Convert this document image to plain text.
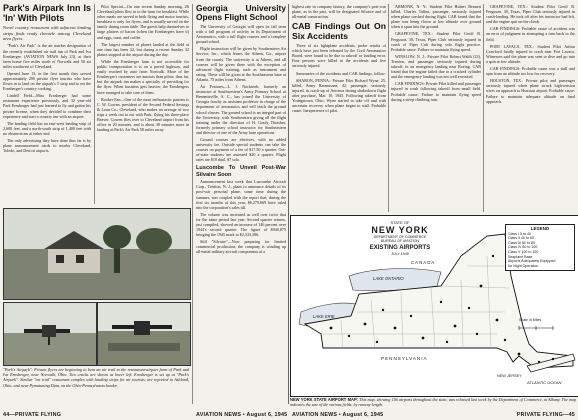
Park's Airpark Inn Is 'In' With Pilots
Novel country restaurant with adjacent landing strips finds ready clientele among Cleveland area flyers.

"Park's Air Park" is the air market designation of the recently established air trail inn of Park and Iva Ernsberger. (AVIATION NEWS July 23), at their farm home five miles north of Norwalk and 50 air miles southwest of Cleveland.

Opened June 13, in the first month they served approximately 200 private flyer tourists who have flown in to land on the airpark's T strip and to eat the Ernsberger's country cooking.

Lindell Field—Miss Ernsberger had some restaurant experience previously, and 32 year-old Park Ernsberger had just learned to fly and gotten his private license, when they decided to combine their experience and start a country inn with an airport.

The landing field has an east-west landing strip of 2,600 feet, and a north-south strip of 1,400 feet with no obstructions at either end.

The only advertising they have done thus far is by plane announcement cards to nearby Cleveland, Toledo, and Detroit airports.

Pilot Special—On one recent Sunday morning, 26 Cleveland pilots flew in to the farm for breakfast. While other meals are served to both flying and motor tourists, breakfast is only for flyers, and is usually served on the family dining room table. The guests help themselves to large platters of bacon (when the Ernsbergers have it) and eggs, toast, and coffee.

The largest number of planes landed at the field at one time has been 32, but during a recent Sunday 32 planes stopped at the airport during the day.

While the Ernsberger farm is not accessible for public transportation it is on a paved highway, and easily reached by auto from Norwalk. More of the Ernsberger's customers are autoists than pilots, thus far, but the airpark inn makes a specialty of providing for the flyer. When business gets heavier, the Ernsbergers have arranged to take care of them.

Booker Fan—One of the most enthusiastic patrons is C. W. Gowen, president of the Second Federal Savings & Loan Co., Cleveland, who makes an average of two trips a week out to eat with Park, flying his three-place Beaver. Gowen flies over to Cleveland airport from his office in 20 minutes, and is about 30 minutes more in landing at Park's Air Park 50 miles away.

"Park's Airpark": Private flyers are beginning to beat an air trail to the restaurant-airport farm of Park and Iva Ernsberger, near Norwalk, Ohio. Two cracks are shown at lower left. Ernsberger is set up at "Park's Airpark". Similar "air trail" restaurant complex with landing strips for air tourists, are reported in Ashland, Ohio, and near Pymatuning Dam, on the Ohio-Pennsylvania border.
Georgia University Opens Flight School

The University of Georgia will open its fall term with a full program of activity in its Department of Aeronautics, with a full flight courses and a complete ground school.

Flight instruction will be given by Southeastern Air Service, Inc., which leases the Athens, Ga., airport from the county. The university is at Athens, and all courses will be given there with the exception of advanced flight training, such as instrument and rating. These will be given at the Southeastern base at Atlanta, 75 miles from Athens.

Air Features—L. J. Nachtrieb, formerly an instructor at Southwestern's Army Primary School at Bennettsville, S. C., has joined the University of Georgia faculty as assistant professor in charge of the department of aeronautics and will teach the ground school classes. The ground school is an integral part of the University, with Southeastern giving all the flight training under the direction of H. Grady Thrasher, formerly primary school instructor for Southeastern and director of one of the Army base operations.

Ground courses are electives, with no added university fee. Outside special students can take the courses on payment of a fee of $17.50 a quarter. Out-of-state students are assessed $20 a quarter. Flight rates are $10 dual, $7 solo.

Luscombe To Unveil Post-War Silvaire Soon

Announcement last week that Luscombe Aircraft Corp., Trenton, N. J., plans to announce details of its post-war personal plane, some time during the summer, was coupled with the report that, during the first six months of this year, $6,279,669 have ruled into the corporation's sales till.

The volume was increased as well over twice that for the same period last year. Second quarter returns, just compiled, showed an increase of 146 percent over 1944's second quarter. The figure of $940,875 bringing the 1945 mark to $2,333,286.

Still "Silvaire"—Now preparing for limited commercial production, the company is winding up all-metal military aircraft components at a

highest rate in company history, the company's post-war plane, as in the past, will be designated Silvaire and of all-metal construction.

CAB Findings Out On Six Accidents

Three of six lightplane accidents, probe results of which have just been released by the Civil Aeronautics Board, were found to be due to takeoff or landing error. Four persons were killed in the accidents and five seriously injured.

Summaries of the accidents and CAB findings, follow:

SHARON, PENNA.: Private Pilot Richard Wyne, 25, killed, Army Rasmussen, 42, passenger, seriously injured, in crack-up of Aeronca during shakedown flight after purchase, Mar. 10, 1945. Following takeoff from Youngstown, Ohio, Wyne started to take off and with uncertain recovery when plane began to stall. Probable cause: Inexperience of pilot.

ARMONK, N. Y.: Student Pilot Hubert Bennett killed, Charles Tallon, passenger, seriously injured when plane crashed during flight. CAB found that the plane was being flown at low altitude over ground when it spun into the ground.

GRAPEVINE, TEX.: Student Pilot Geoff B. Ferguson, 30, Texas, Piper Club seriously injured in crash of Piper Cub during solo flight practice. Probable cause: Failure to maintain flying speed.

WINSLOW, N. J.: Private Pilot Robert Waldi (23), Trenton, and passenger seriously injured during takeoff, in an emergency landing near Boeing. CAB found that the engine failed due to a cracked cylinder and the emergency landing was not well executed.

CAB FINDINGS: Private Pilot killed and passenger injured in crash following takeoff from small field. Probable cause: Failure to maintain flying speed during a steep climbing turn.

GRAPEVINE, TEX.: Student Pilot Geoff B. Ferguson, 30, Texas, Piper Club seriously injured in crash-landing. He took off after his instructor had left, and the engine quit on the climb.

CAB FINDINGS: Probable cause of accident was an error of judgment in attempting a turn back to the field.

PORT LAVACA, TEX.: Student Pilot Arthur Crawford fatally injured in crash near Port Lavaca. Witnesses said the plane was seen to dive and go into a spin at low altitude.

CAB FINDINGS: Probable cause was a stall and spin from an altitude too low for recovery.

HOUSTON, TEX.: Private pilot and passenger seriously injured when plane struck high-tension wires on approach to Houston airport. Probable cause: Failure to maintain adequate altitude on final approach.

STATE OF
NEW YORK
DEPARTMENT OF COMMERCE
BUREAU OF AVIATION
EXISTING AIRPORTS
JULY 1945
CANADA
LAKE ONTARIO
LAKE ERIE
PENNSYLVANIA
NEW JERSEY
ATLANTIC OCEAN
Scale in Miles
LEGEND
Class I 5 to 40
Class II 40 to 60
Class III 60 to 80
Class IV 80 to 100
Class V 100 to 150
Seaplane Base
Airports Adequately Equipped
for Night Operation
NEW YORK STATE AIRPORT MAP: This map, showing 156 airports throughout the state, was released last week by the Department of Commerce, at Albany. The map indicates the size of the various fields, by runway length.
44—PRIVATE FLYING	AVIATION NEWS • August 6, 1945 AVIATION NEWS • August 6, 1945	PRIVATE FLYING—45
